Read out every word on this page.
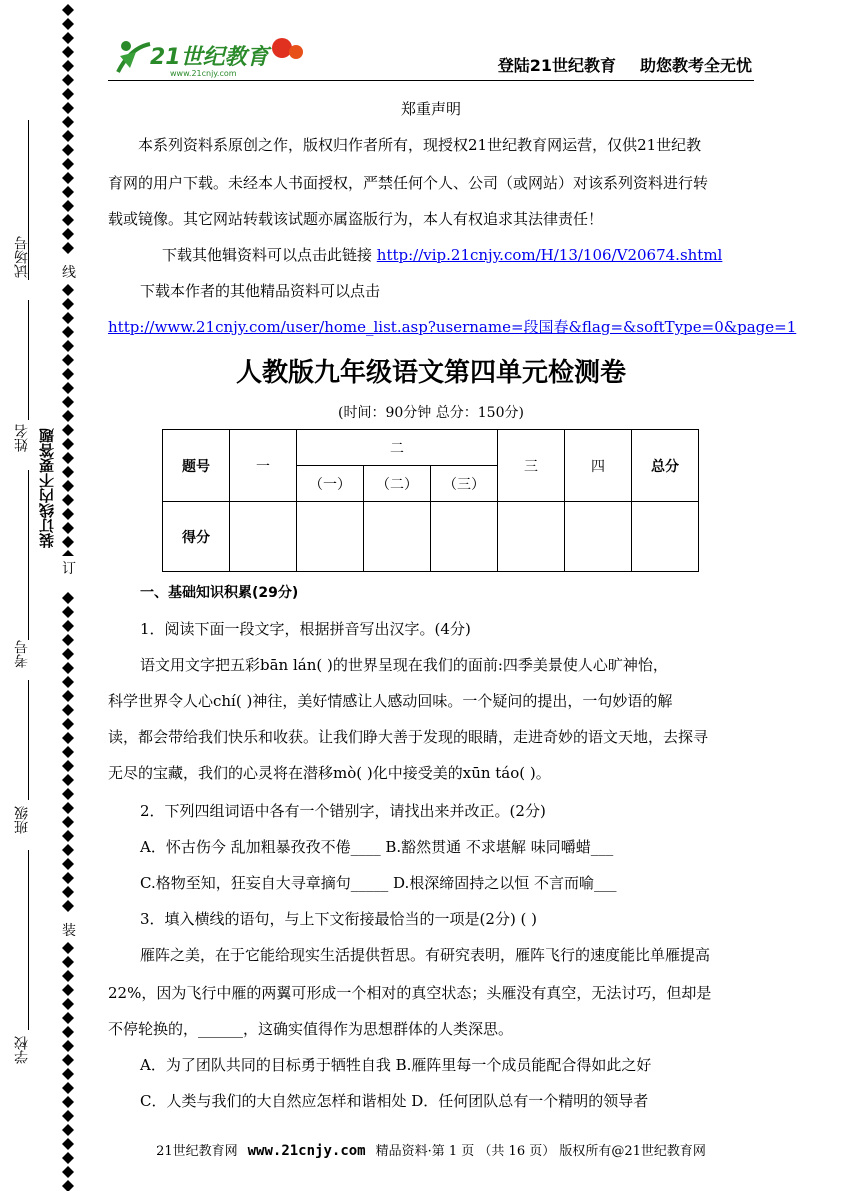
试场号
姓名
考号
班级
学校
装订线内不要答题
线
订
装
21世纪教育
www.21cnjy.com	登陆21世纪教育 助您教考全无忧
郑重声明
本系列资料系原创之作，版权归作者所有，现授权21世纪教育网运营，仅供21世纪教
育网的用户下载。未经本人书面授权，严禁任何个人、公司（或网站）对该系列资料进行转
载或镜像。其它网站转载该试题亦属盗版行为，本人有权追求其法律责任！
下载其他辑资料可以点击此链接 http://vip.21cnjy.com/H/13/106/V20674.shtml
下载本作者的其他精品资料可以点击
http://www.21cnjy.com/user/home_list.asp?username=段国春&flag=&softType=0&page=1
人教版九年级语文第四单元检测卷
(时间：90分钟 总分：150分)
题号	一	二			三	四	总分
		（一）	（二）	（三）			
得分							
一、基础知识积累(29分)
1．阅读下面一段文字，根据拼音写出汉字。(4分)
语文用文字把五彩bān lán( )的世界呈现在我们的面前:四季美景使人心旷神怡，
科学世界令人心chí( )神往，美好情感让人感动回味。一个疑问的提出，一句妙语的解
读，都会带给我们快乐和收获。让我们睁大善于发现的眼睛，走进奇妙的语文天地，去探寻
无尽的宝藏，我们的心灵将在潜移mò( )化中接受美的xūn táo( )。
2．下列四组词语中各有一个错别字，请找出来并改正。(2分)
A．怀古伤今 乱加粗暴孜孜不倦____ B.豁然贯通 不求堪解 味同嚼蜡___
C.格物至知，狂妄自大寻章摘句_____ D.根深缔固持之以恒 不言而喻___
3．填入横线的语句，与上下文衔接最恰当的一项是(2分) ( )
雁阵之美，在于它能给现实生活提供哲思。有研究表明，雁阵飞行的速度能比单雁提高
22%，因为飞行中雁的两翼可形成一个相对的真空状态；头雁没有真空，无法讨巧，但却是
不停轮换的，______，这确实值得作为思想群体的人类深思。
A．为了团队共同的目标勇于牺牲自我 B.雁阵里每一个成员能配合得如此之好
C．人类与我们的大自然应怎样和谐相处 D．任何团队总有一个精明的领导者
21世纪教育网 www.21cnjy.com 精品资料·第 1 页 （共 16 页） 版权所有@21世纪教育网
